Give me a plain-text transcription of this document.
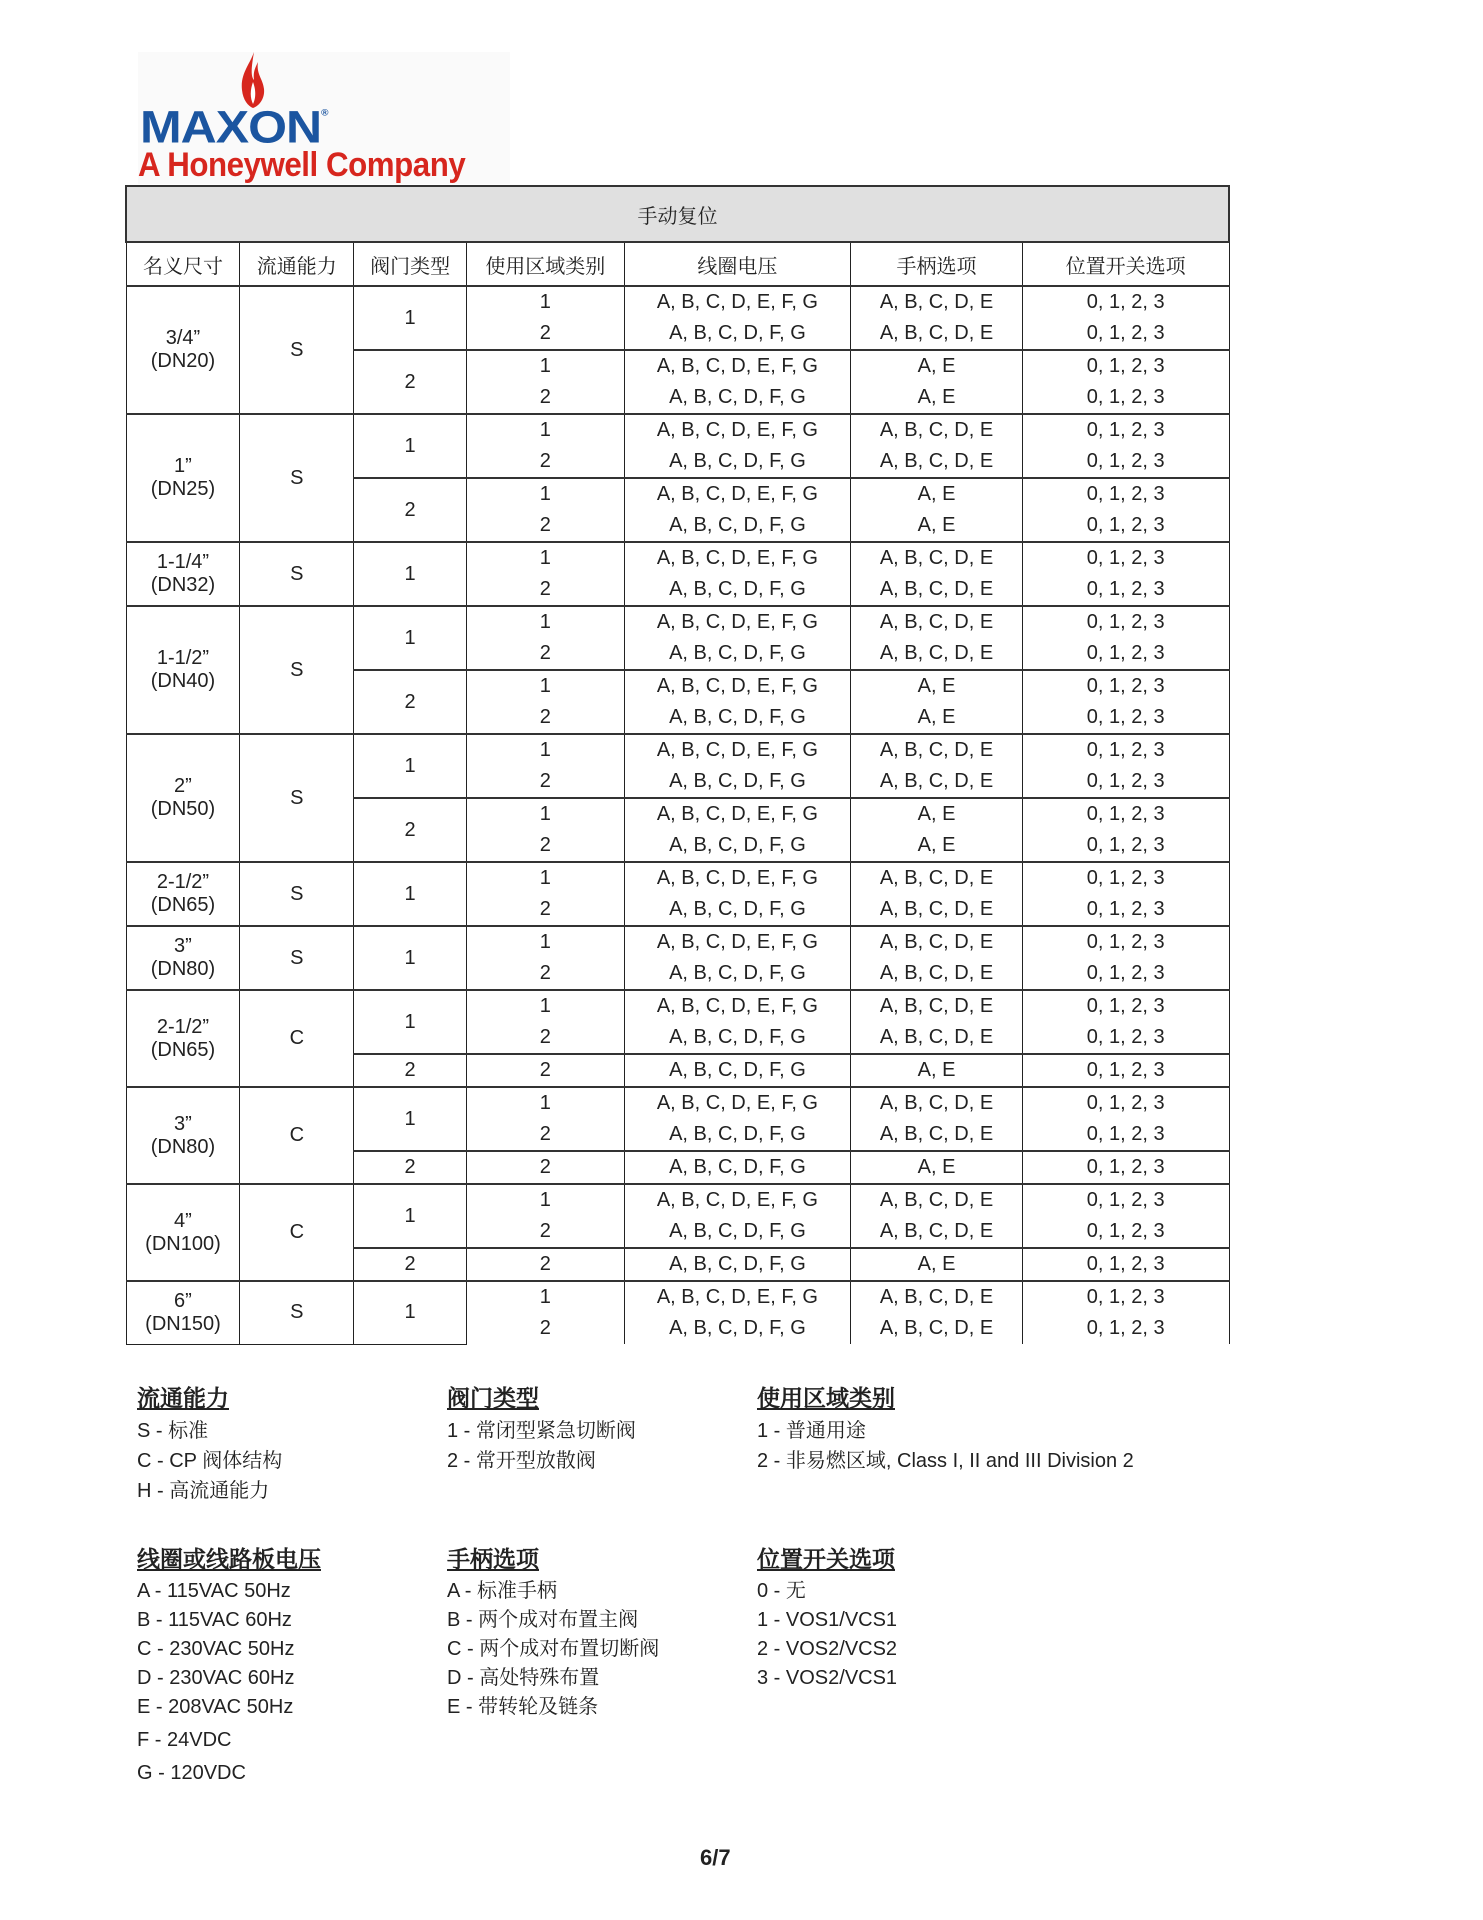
MAXON®
A Honeywell Company
手动复位						
名义尺寸	流通能力	阀门类型	使用区域类别	线圈电压	手柄选项	位置开关选项

3/4”
(DN20)	S	1	1	A, B, C, D, E, F, G	A, B, C, D, E	0, 1, 2, 3
			2	A, B, C, D, F, G	A, B, C, D, E	0, 1, 2, 3
		2	1	A, B, C, D, E, F, G	A, E	0, 1, 2, 3
			2	A, B, C, D, F, G	A, E	0, 1, 2, 3

1”
(DN25)	S	1	1	A, B, C, D, E, F, G	A, B, C, D, E	0, 1, 2, 3
			2	A, B, C, D, F, G	A, B, C, D, E	0, 1, 2, 3
		2	1	A, B, C, D, E, F, G	A, E	0, 1, 2, 3
			2	A, B, C, D, F, G	A, E	0, 1, 2, 3

1-1/4”
(DN32)	S	1	1	A, B, C, D, E, F, G	A, B, C, D, E	0, 1, 2, 3
			2	A, B, C, D, F, G	A, B, C, D, E	0, 1, 2, 3

1-1/2”
(DN40)	S	1	1	A, B, C, D, E, F, G	A, B, C, D, E	0, 1, 2, 3
			2	A, B, C, D, F, G	A, B, C, D, E	0, 1, 2, 3
		2	1	A, B, C, D, E, F, G	A, E	0, 1, 2, 3
			2	A, B, C, D, F, G	A, E	0, 1, 2, 3

2”
(DN50)	S	1	1	A, B, C, D, E, F, G	A, B, C, D, E	0, 1, 2, 3
			2	A, B, C, D, F, G	A, B, C, D, E	0, 1, 2, 3
		2	1	A, B, C, D, E, F, G	A, E	0, 1, 2, 3
			2	A, B, C, D, F, G	A, E	0, 1, 2, 3

2-1/2”
(DN65)	S	1	1	A, B, C, D, E, F, G	A, B, C, D, E	0, 1, 2, 3
			2	A, B, C, D, F, G	A, B, C, D, E	0, 1, 2, 3

3”
(DN80)	S	1	1	A, B, C, D, E, F, G	A, B, C, D, E	0, 1, 2, 3
			2	A, B, C, D, F, G	A, B, C, D, E	0, 1, 2, 3

2-1/2”
(DN65)	C	1	1	A, B, C, D, E, F, G	A, B, C, D, E	0, 1, 2, 3
			2	A, B, C, D, F, G	A, B, C, D, E	0, 1, 2, 3
		2	2	A, B, C, D, F, G	A, E	0, 1, 2, 3

3”
(DN80)	C	1	1	A, B, C, D, E, F, G	A, B, C, D, E	0, 1, 2, 3
			2	A, B, C, D, F, G	A, B, C, D, E	0, 1, 2, 3
		2	2	A, B, C, D, F, G	A, E	0, 1, 2, 3

4”
(DN100)	C	1	1	A, B, C, D, E, F, G	A, B, C, D, E	0, 1, 2, 3
			2	A, B, C, D, F, G	A, B, C, D, E	0, 1, 2, 3
		2	2	A, B, C, D, F, G	A, E	0, 1, 2, 3

6”
(DN150)	S	1	1	A, B, C, D, E, F, G	A, B, C, D, E	0, 1, 2, 3
			2	A, B, C, D, F, G	A, B, C, D, E	0, 1, 2, 3
流通能力
S - 标准
C - CP 阀体结构
H - 高流通能力
阀门类型
1 - 常闭型紧急切断阀
2 - 常开型放散阀
使用区域类别
1 - 普通用途
2 - 非易燃区域, Class I, II and III Division 2
线圈或线路板电压
A - 115VAC 50Hz
B - 115VAC 60Hz
C - 230VAC 50Hz
D - 230VAC 60Hz
E - 208VAC 50Hz
F - 24VDC
G - 120VDC
手柄选项
A - 标准手柄
B - 两个成对布置主阀
C - 两个成对布置切断阀
D - 高处特殊布置
E - 带转轮及链条
位置开关选项
0 - 无
1 - VOS1/VCS1
2 - VOS2/VCS2
3 - VOS2/VCS1
6/7
